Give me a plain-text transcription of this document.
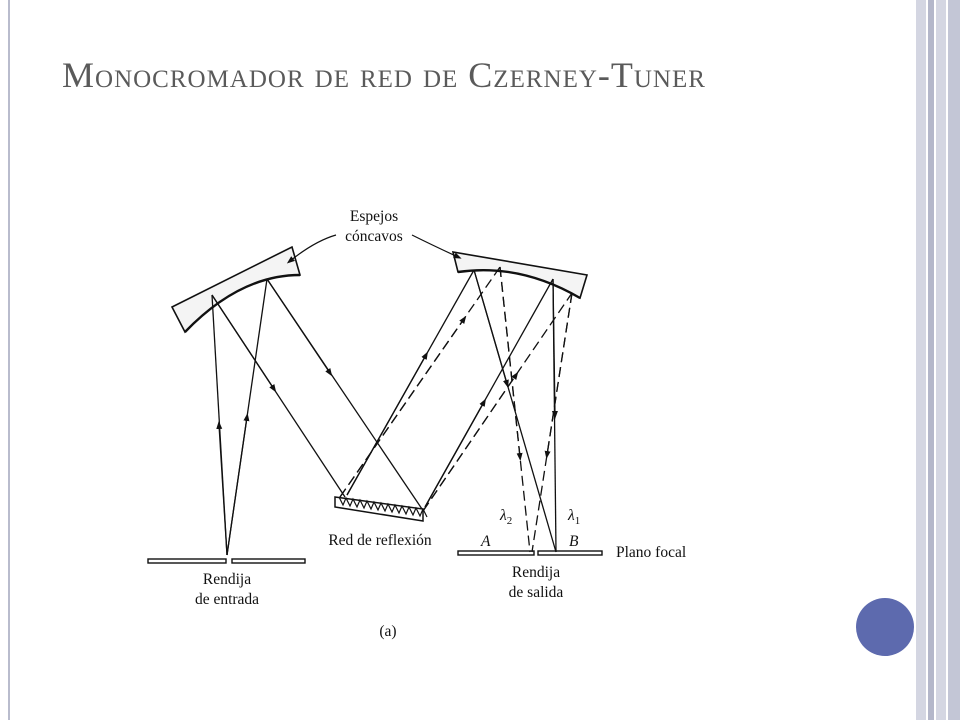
Monocromador de red de Czerney-Tuner
Espejos
cóncavos
Red de reflexión
Rendija
de entrada
Rendija
de salida
Plano focal
A	B
$\lambda_2$	$\lambda_1$
(a)
